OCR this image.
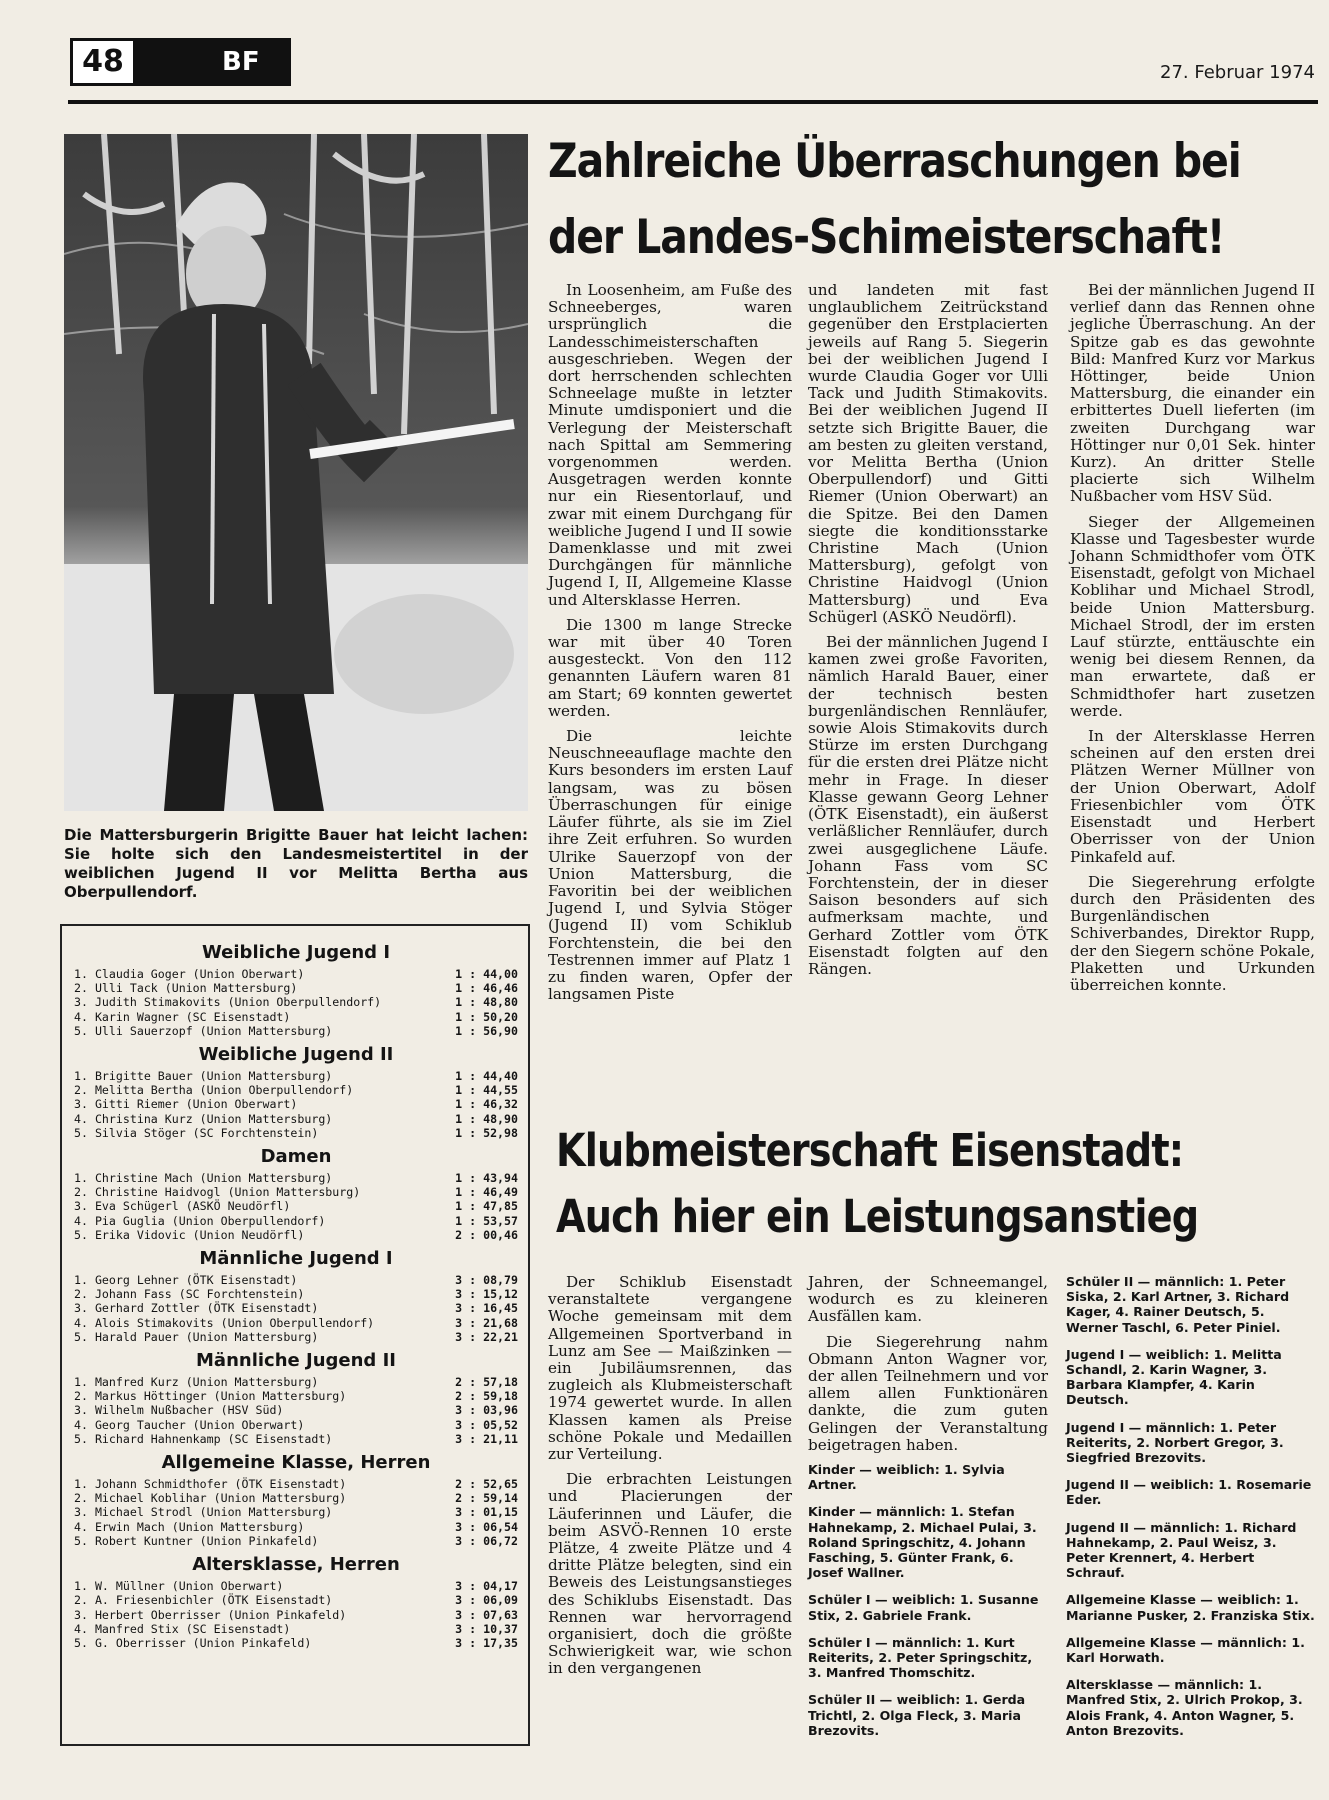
48	BF	27. Februar 1974
Die Mattersburgerin Brigitte Bauer hat leicht lachen: Sie holte sich den Landesmeistertitel in der weiblichen Jugend II vor Melitta Bertha aus Oberpullendorf.
Weibliche Jugend I
1. Claudia Goger (Union Oberwart)	1 : 44,00
2. Ulli Tack (Union Mattersburg)	1 : 46,46
3. Judith Stimakovits (Union Oberpullendorf)	1 : 48,80
4. Karin Wagner (SC Eisenstadt)	1 : 50,20
5. Ulli Sauerzopf (Union Mattersburg)	1 : 56,90
Weibliche Jugend II
1. Brigitte Bauer (Union Mattersburg)	1 : 44,40
2. Melitta Bertha (Union Oberpullendorf)	1 : 44,55
3. Gitti Riemer (Union Oberwart)	1 : 46,32
4. Christina Kurz (Union Mattersburg)	1 : 48,90
5. Silvia Stöger (SC Forchtenstein)	1 : 52,98
Damen
1. Christine Mach (Union Mattersburg)	1 : 43,94
2. Christine Haidvogl (Union Mattersburg)	1 : 46,49
3. Eva Schügerl (ASKÖ Neudörfl)	1 : 47,85
4. Pia Guglia (Union Oberpullendorf)	1 : 53,57
5. Erika Vidovic (Union Neudörfl)	2 : 00,46
Männliche Jugend I
1. Georg Lehner (ÖTK Eisenstadt)	3 : 08,79
2. Johann Fass (SC Forchtenstein)	3 : 15,12
3. Gerhard Zottler (ÖTK Eisenstadt)	3 : 16,45
4. Alois Stimakovits (Union Oberpullendorf)	3 : 21,68
5. Harald Pauer (Union Mattersburg)	3 : 22,21
Männliche Jugend II
1. Manfred Kurz (Union Mattersburg)	2 : 57,18
2. Markus Höttinger (Union Mattersburg)	2 : 59,18
3. Wilhelm Nußbacher (HSV Süd)	3 : 03,96
4. Georg Taucher (Union Oberwart)	3 : 05,52
5. Richard Hahnenkamp (SC Eisenstadt)	3 : 21,11
Allgemeine Klasse, Herren
1. Johann Schmidthofer (ÖTK Eisenstadt)	2 : 52,65
2. Michael Koblihar (Union Mattersburg)	2 : 59,14
3. Michael Strodl (Union Mattersburg)	3 : 01,15
4. Erwin Mach (Union Mattersburg)	3 : 06,54
5. Robert Kuntner (Union Pinkafeld)	3 : 06,72
Altersklasse, Herren
1. W. Müllner (Union Oberwart)	3 : 04,17
2. A. Friesenbichler (ÖTK Eisenstadt)	3 : 06,09
3. Herbert Oberrisser (Union Pinkafeld)	3 : 07,63
4. Manfred Stix (SC Eisenstadt)	3 : 10,37
5. G. Oberrisser (Union Pinkafeld)	3 : 17,35
Zahlreiche Überraschungen bei
der Landes-Schimeisterschaft!

In Loosenheim, am Fuße des Schneeberges, waren ursprünglich die Landesschimeisterschaften ausgeschrieben. Wegen der dort herrschenden schlechten Schneelage mußte in letzter Minute umdisponiert und die Verlegung der Meisterschaft nach Spittal am Semmering vorgenommen werden. Ausgetragen werden konnte nur ein Riesentorlauf, und zwar mit einem Durchgang für weibliche Jugend I und II sowie Damenklasse und mit zwei Durchgängen für männliche Jugend I, II, Allgemeine Klasse und Altersklasse Herren.

Die 1300 m lange Strecke war mit über 40 Toren ausgesteckt. Von den 112 genannten Läufern waren 81 am Start; 69 konnten gewertet werden.

Die leichte Neuschneeauflage machte den Kurs besonders im ersten Lauf langsam, was zu bösen Überraschungen für einige Läufer führte, als sie im Ziel ihre Zeit erfuhren. So wurden Ulrike Sauerzopf von der Union Mattersburg, die Favoritin bei der weiblichen Jugend I, und Sylvia Stöger (Jugend II) vom Schiklub Forchtenstein, die bei den Testrennen immer auf Platz 1 zu finden waren, Opfer der langsamen Piste

und landeten mit fast unglaublichem Zeitrückstand gegenüber den Erstplacierten jeweils auf Rang 5. Siegerin bei der weiblichen Jugend I wurde Claudia Goger vor Ulli Tack und Judith Stimakovits. Bei der weiblichen Jugend II setzte sich Brigitte Bauer, die am besten zu gleiten verstand, vor Melitta Bertha (Union Oberpullendorf) und Gitti Riemer (Union Oberwart) an die Spitze. Bei den Damen siegte die konditionsstarke Christine Mach (Union Mattersburg), gefolgt von Christine Haidvogl (Union Mattersburg) und Eva Schügerl (ASKÖ Neudörfl).

Bei der männlichen Jugend I kamen zwei große Favoriten, nämlich Harald Bauer, einer der technisch besten burgenländischen Rennläufer, sowie Alois Stimakovits durch Stürze im ersten Durchgang für die ersten drei Plätze nicht mehr in Frage. In dieser Klasse gewann Georg Lehner (ÖTK Eisenstadt), ein äußerst verläßlicher Rennläufer, durch zwei ausgeglichene Läufe. Johann Fass vom SC Forchtenstein, der in dieser Saison besonders auf sich aufmerksam machte, und Gerhard Zottler vom ÖTK Eisenstadt folgten auf den Rängen.

Bei der männlichen Jugend II verlief dann das Rennen ohne jegliche Überraschung. An der Spitze gab es das gewohnte Bild: Manfred Kurz vor Markus Höttinger, beide Union Mattersburg, die einander ein erbittertes Duell lieferten (im zweiten Durchgang war Höttinger nur 0,01 Sek. hinter Kurz). An dritter Stelle placierte sich Wilhelm Nußbacher vom HSV Süd.

Sieger der Allgemeinen Klasse und Tagesbester wurde Johann Schmidthofer vom ÖTK Eisenstadt, gefolgt von Michael Koblihar und Michael Strodl, beide Union Mattersburg. Michael Strodl, der im ersten Lauf stürzte, enttäuschte ein wenig bei diesem Rennen, da man erwartete, daß er Schmidthofer hart zusetzen werde.

In der Altersklasse Herren scheinen auf den ersten drei Plätzen Werner Müllner von der Union Oberwart, Adolf Friesenbichler vom ÖTK Eisenstadt und Herbert Oberrisser von der Union Pinkafeld auf.

Die Siegerehrung erfolgte durch den Präsidenten des Burgenländischen Schiverbandes, Direktor Rupp, der den Siegern schöne Pokale, Plaketten und Urkunden überreichen konnte.

Klubmeisterschaft Eisenstadt:
Auch hier ein Leistungsanstieg

Der Schiklub Eisenstadt veranstaltete vergangene Woche gemeinsam mit dem Allgemeinen Sportverband in Lunz am See — Maißzinken — ein Jubiläumsrennen, das zugleich als Klubmeisterschaft 1974 gewertet wurde. In allen Klassen kamen als Preise schöne Pokale und Medaillen zur Verteilung.

Die erbrachten Leistungen und Placierungen der Läuferinnen und Läufer, die beim ASVÖ-Rennen 10 erste Plätze, 4 zweite Plätze und 4 dritte Plätze belegten, sind ein Beweis des Leistungsanstieges des Schiklubs Eisenstadt. Das Rennen war hervorragend organisiert, doch die größte Schwierigkeit war, wie schon in den vergangenen

Jahren, der Schneemangel, wodurch es zu kleineren Ausfällen kam.

Die Siegerehrung nahm Obmann Anton Wagner vor, der allen Teilnehmern und vor allem allen Funktionären dankte, die zum guten Gelingen der Veranstaltung beigetragen haben.

Kinder — weiblich: 1. Sylvia Artner.

Kinder — männlich: 1. Stefan Hahnekamp, 2. Michael Pulai, 3. Roland Springschitz, 4. Johann Fasching, 5. Günter Frank, 6. Josef Wallner.

Schüler I — weiblich: 1. Susanne Stix, 2. Gabriele Frank.

Schüler I — männlich: 1. Kurt Reiterits, 2. Peter Springschitz, 3. Manfred Thomschitz.

Schüler II — weiblich: 1. Gerda Trichtl, 2. Olga Fleck, 3. Maria Brezovits.

Schüler II — männlich: 1. Peter Siska, 2. Karl Artner, 3. Richard Kager, 4. Rainer Deutsch, 5. Werner Taschl, 6. Peter Piniel.

Jugend I — weiblich: 1. Melitta Schandl, 2. Karin Wagner, 3. Barbara Klampfer, 4. Karin Deutsch.

Jugend I — männlich: 1. Peter Reiterits, 2. Norbert Gregor, 3. Siegfried Brezovits.

Jugend II — weiblich: 1. Rosemarie Eder.

Jugend II — männlich: 1. Richard Hahnekamp, 2. Paul Weisz, 3. Peter Krennert, 4. Herbert Schrauf.

Allgemeine Klasse — weiblich: 1. Marianne Pusker, 2. Franziska Stix.

Allgemeine Klasse — männlich: 1. Karl Horwath.

Altersklasse — männlich: 1. Manfred Stix, 2. Ulrich Prokop, 3. Alois Frank, 4. Anton Wagner, 5. Anton Brezovits.
